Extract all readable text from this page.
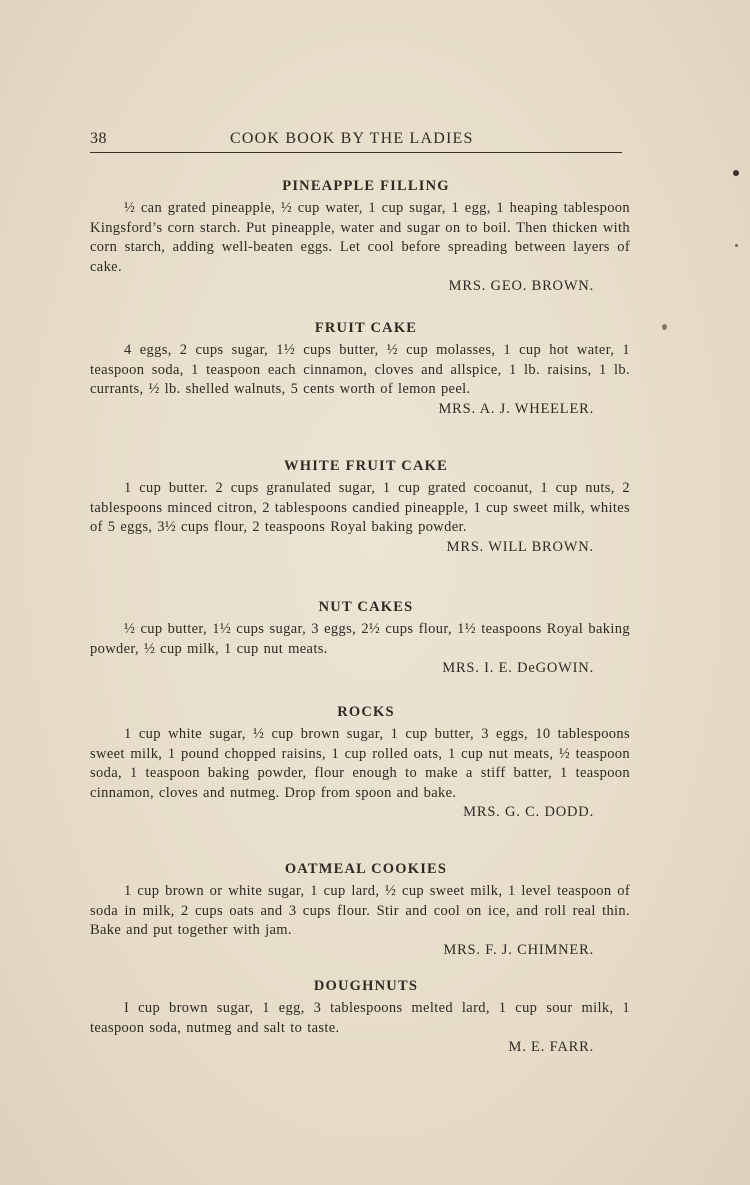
38	COOK BOOK BY THE LADIES
PINEAPPLE FILLING

½ can grated pineapple, ½ cup water, 1 cup sugar, 1 egg, 1 heaping tablespoon Kingsford’s corn starch. Put pineapple, water and sugar on to boil. Then thicken with corn starch, adding well-beaten eggs. Let cool before spreading between layers of cake.

MRS. GEO. BROWN.

FRUIT CAKE

4 eggs, 2 cups sugar, 1½ cups butter, ½ cup molasses, 1 cup hot water, 1 teaspoon soda, 1 teaspoon each cinnamon, cloves and allspice, 1 lb. raisins, 1 lb. currants, ½ lb. shelled walnuts, 5 cents worth of lemon peel.

MRS. A. J. WHEELER.

WHITE FRUIT CAKE

1 cup butter. 2 cups granulated sugar, 1 cup grated cocoanut, 1 cup nuts, 2 tablespoons minced citron, 2 tablespoons candied pineapple, 1 cup sweet milk, whites of 5 eggs, 3½ cups flour, 2 teaspoons Royal baking powder.

MRS. WILL BROWN.

NUT CAKES

½ cup butter, 1½ cups sugar, 3 eggs, 2½ cups flour, 1½ teaspoons Royal baking powder, ½ cup milk, 1 cup nut meats.

MRS. I. E. DeGOWIN.

ROCKS

1 cup white sugar, ½ cup brown sugar, 1 cup butter, 3 eggs, 10 tablespoons sweet milk, 1 pound chopped raisins, 1 cup rolled oats, 1 cup nut meats, ½ teaspoon soda, 1 teaspoon baking powder, flour enough to make a stiff batter, 1 teaspoon cinnamon, cloves and nutmeg. Drop from spoon and bake.

MRS. G. C. DODD.

OATMEAL COOKIES

1 cup brown or white sugar, 1 cup lard, ½ cup sweet milk, 1 level teaspoon of soda in milk, 2 cups oats and 3 cups flour. Stir and cool on ice, and roll real thin. Bake and put together with jam.

MRS. F. J. CHIMNER.

DOUGHNUTS

I cup brown sugar, 1 egg, 3 tablespoons melted lard, 1 cup sour milk, 1 teaspoon soda, nutmeg and salt to taste.

M. E. FARR.
